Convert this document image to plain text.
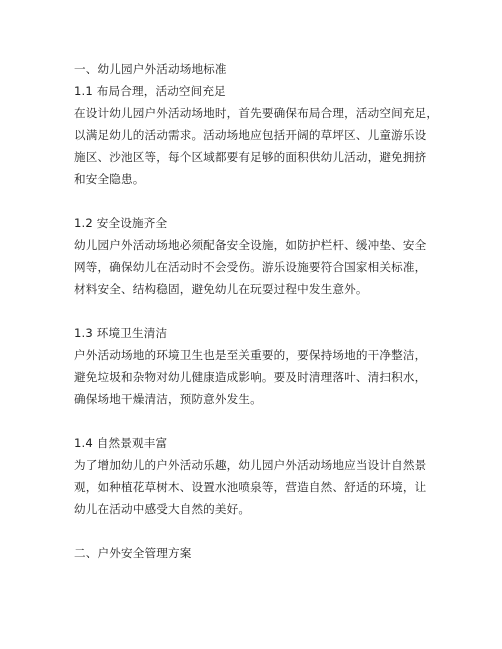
一、幼儿园户外活动场地标准
1.1 布局合理，活动空间充足
在设计幼儿园户外活动场地时，首先要确保布局合理，活动空间充足，
以满足幼儿的活动需求。活动场地应包括开阔的草坪区、儿童游乐设
施区、沙池区等，每个区域都要有足够的面积供幼儿活动，避免拥挤
和安全隐患。
1.2 安全设施齐全
幼儿园户外活动场地必须配备安全设施，如防护栏杆、缓冲垫、安全
网等，确保幼儿在活动时不会受伤。游乐设施要符合国家相关标准，
材料安全、结构稳固，避免幼儿在玩耍过程中发生意外。
1.3 环境卫生清洁
户外活动场地的环境卫生也是至关重要的，要保持场地的干净整洁，
避免垃圾和杂物对幼儿健康造成影响。要及时清理落叶、清扫积水，
确保场地干燥清洁，预防意外发生。
1.4 自然景观丰富
为了增加幼儿的户外活动乐趣，幼儿园户外活动场地应当设计自然景
观，如种植花草树木、设置水池喷泉等，营造自然、舒适的环境，让
幼儿在活动中感受大自然的美好。
二、户外安全管理方案
